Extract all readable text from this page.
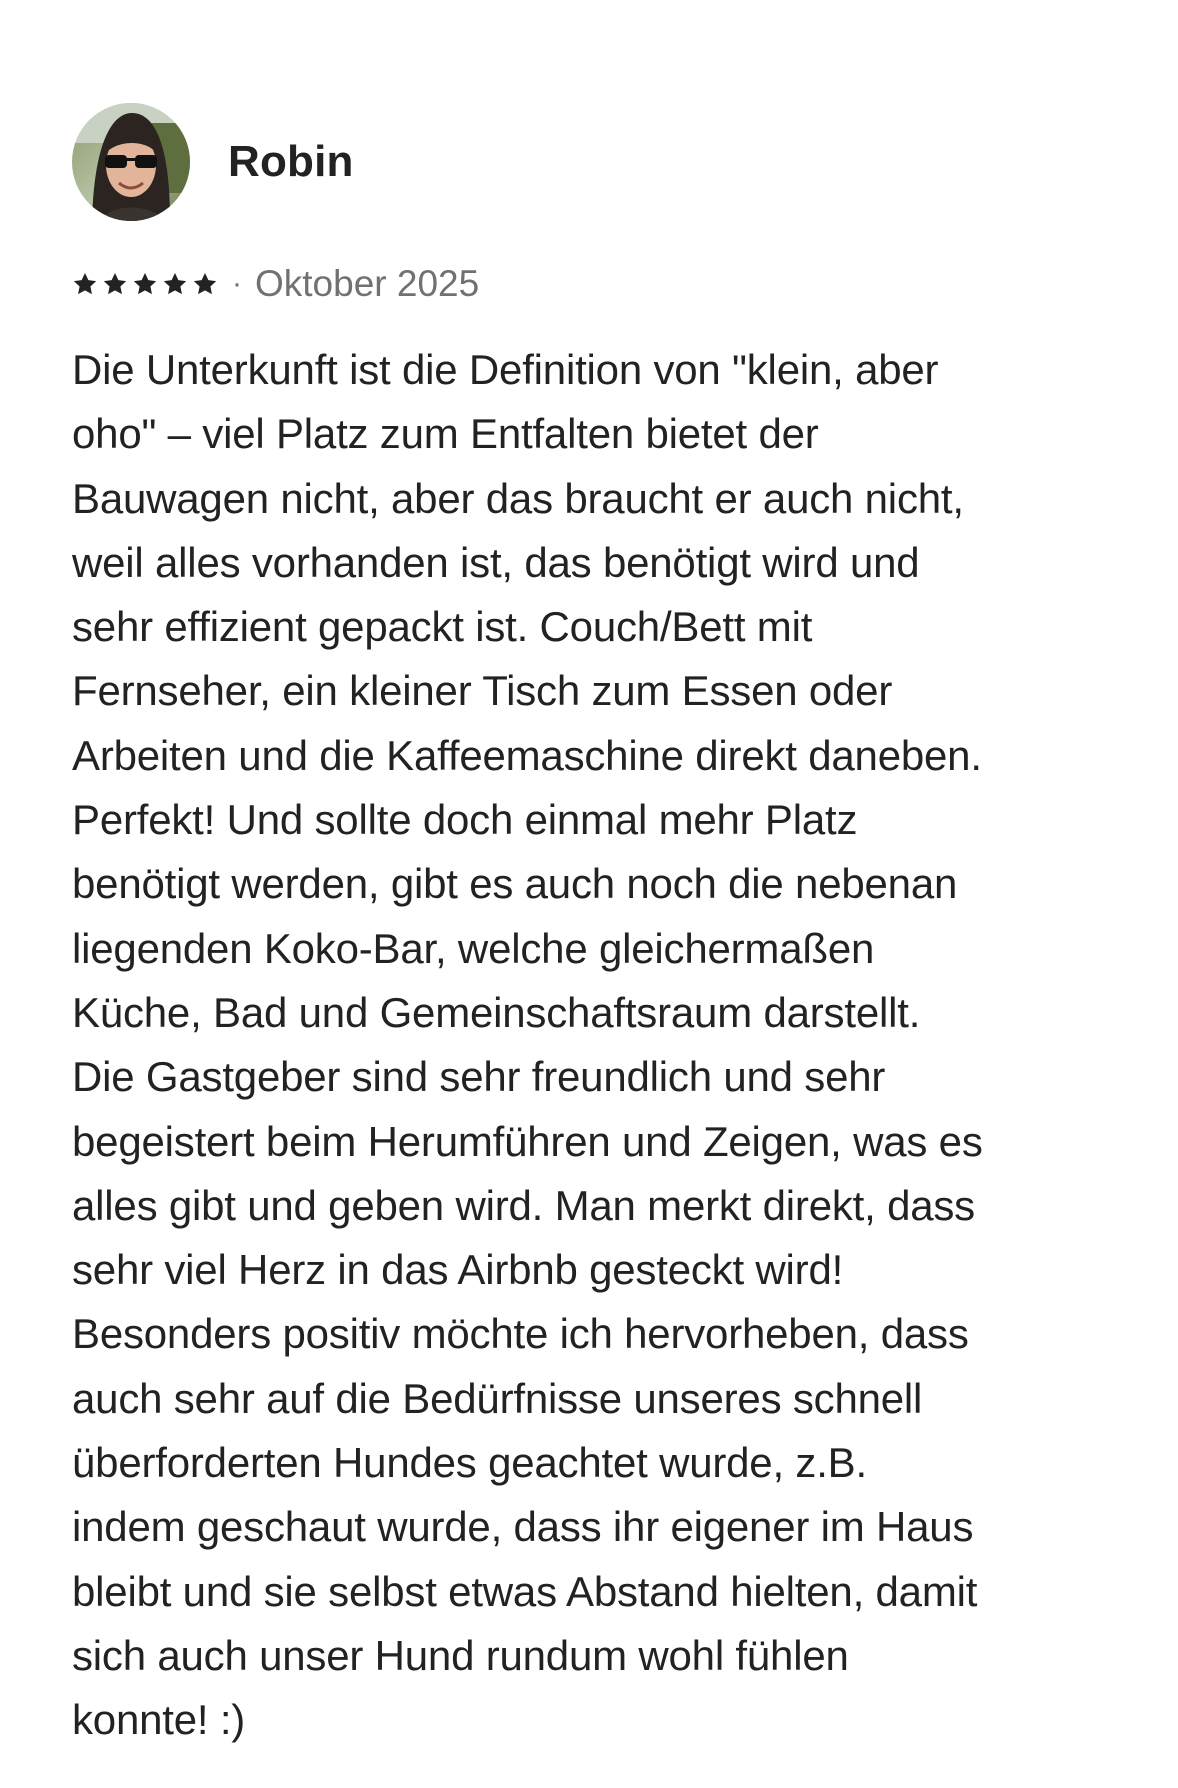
Robin
· Oktober 2025
Die Unterkunft ist die Definition von "klein, aber
oho" – viel Platz zum Entfalten bietet der
Bauwagen nicht, aber das braucht er auch nicht,
weil alles vorhanden ist, das benötigt wird und
sehr effizient gepackt ist. Couch/Bett mit
Fernseher, ein kleiner Tisch zum Essen oder
Arbeiten und die Kaffeemaschine direkt daneben.
Perfekt! Und sollte doch einmal mehr Platz
benötigt werden, gibt es auch noch die nebenan
liegenden Koko-Bar, welche gleichermaßen
Küche, Bad und Gemeinschaftsraum darstellt.
Die Gastgeber sind sehr freundlich und sehr
begeistert beim Herumführen und Zeigen, was es
alles gibt und geben wird. Man merkt direkt, dass
sehr viel Herz in das Airbnb gesteckt wird!
Besonders positiv möchte ich hervorheben, dass
auch sehr auf die Bedürfnisse unseres schnell
überforderten Hundes geachtet wurde, z.B.
indem geschaut wurde, dass ihr eigener im Haus
bleibt und sie selbst etwas Abstand hielten, damit
sich auch unser Hund rundum wohl fühlen
konnte! :)
